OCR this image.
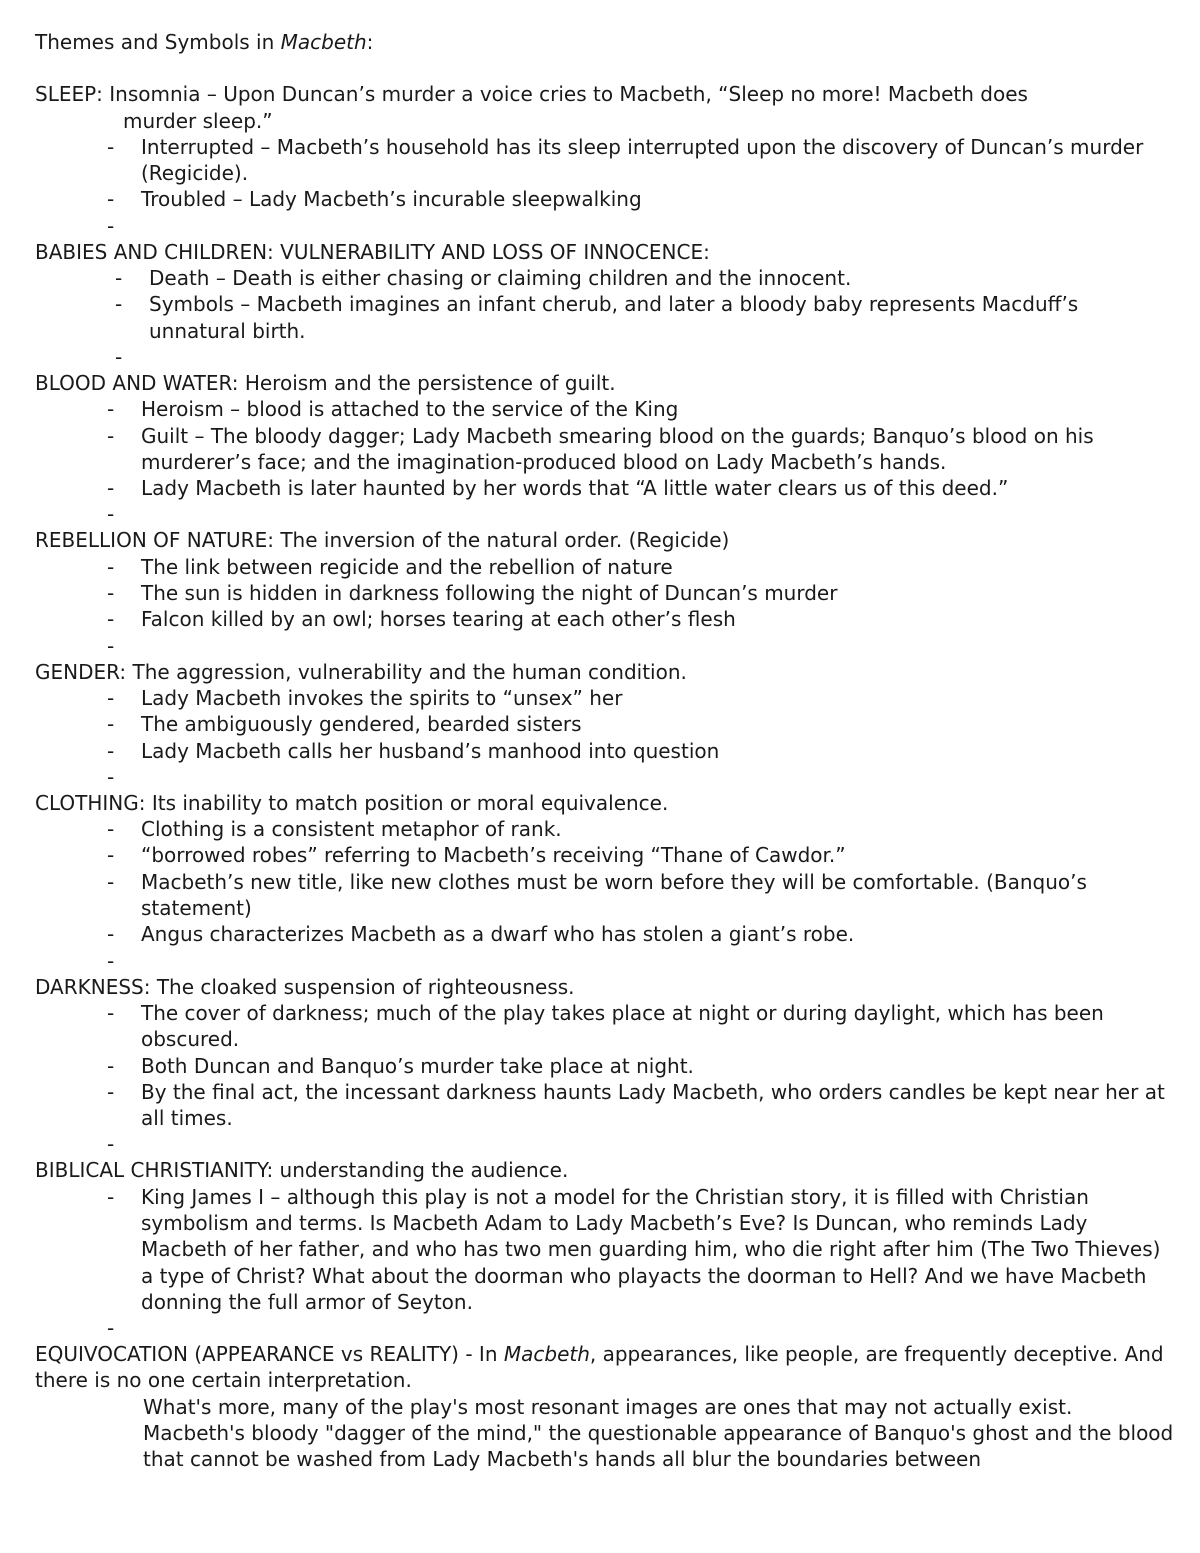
Themes and Symbols in Macbeth:

SLEEP: Insomnia – Upon Duncan’s murder a voice cries to Macbeth, “Sleep no more! Macbeth does

murder sleep.”

- Interrupted – Macbeth’s household has its sleep interrupted upon the discovery of Duncan’s murder (Regicide).
- Troubled – Lady Macbeth’s incurable sleepwalking
-

BABIES AND CHILDREN: VULNERABILITY AND LOSS OF INNOCENCE:

- Death – Death is either chasing or claiming children and the innocent.
- Symbols – Macbeth imagines an infant cherub, and later a bloody baby represents Macduff’s unnatural birth.
-

BLOOD AND WATER: Heroism and the persistence of guilt.

- Heroism – blood is attached to the service of the King
- Guilt – The bloody dagger; Lady Macbeth smearing blood on the guards; Banquo’s blood on his murderer’s face; and the imagination-produced blood on Lady Macbeth’s hands.
- Lady Macbeth is later haunted by her words that “A little water clears us of this deed.”
-

REBELLION OF NATURE: The inversion of the natural order. (Regicide)

- The link between regicide and the rebellion of nature
- The sun is hidden in darkness following the night of Duncan’s murder
- Falcon killed by an owl; horses tearing at each other’s flesh
-

GENDER: The aggression, vulnerability and the human condition.

- Lady Macbeth invokes the spirits to “unsex” her
- The ambiguously gendered, bearded sisters
- Lady Macbeth calls her husband’s manhood into question
-

CLOTHING: Its inability to match position or moral equivalence.

- Clothing is a consistent metaphor of rank.
- “borrowed robes” referring to Macbeth’s receiving “Thane of Cawdor.”
- Macbeth’s new title, like new clothes must be worn before they will be comfortable. (Banquo’s statement)
- Angus characterizes Macbeth as a dwarf who has stolen a giant’s robe.
-

DARKNESS: The cloaked suspension of righteousness.

- The cover of darkness; much of the play takes place at night or during daylight, which has been obscured.
- Both Duncan and Banquo’s murder take place at night.
- By the final act, the incessant darkness haunts Lady Macbeth, who orders candles be kept near her at all times.
-

BIBLICAL CHRISTIANITY: understanding the audience.

- King James I – although this play is not a model for the Christian story, it is filled with Christian symbolism and terms. Is Macbeth Adam to Lady Macbeth’s Eve? Is Duncan, who reminds Lady Macbeth of her father, and who has two men guarding him, who die right after him (The Two Thieves) a type of Christ? What about the doorman who playacts the doorman to Hell? And we have Macbeth donning the full armor of Seyton.
-

EQUIVOCATION (APPEARANCE vs REALITY) - In Macbeth, appearances, like people, are frequently deceptive. And there is no one certain interpretation.

What's more, many of the play's most resonant images are ones that may not actually exist. Macbeth's bloody "dagger of the mind," the questionable appearance of Banquo's ghost and the blood that cannot be washed from Lady Macbeth's hands all blur the boundaries between
